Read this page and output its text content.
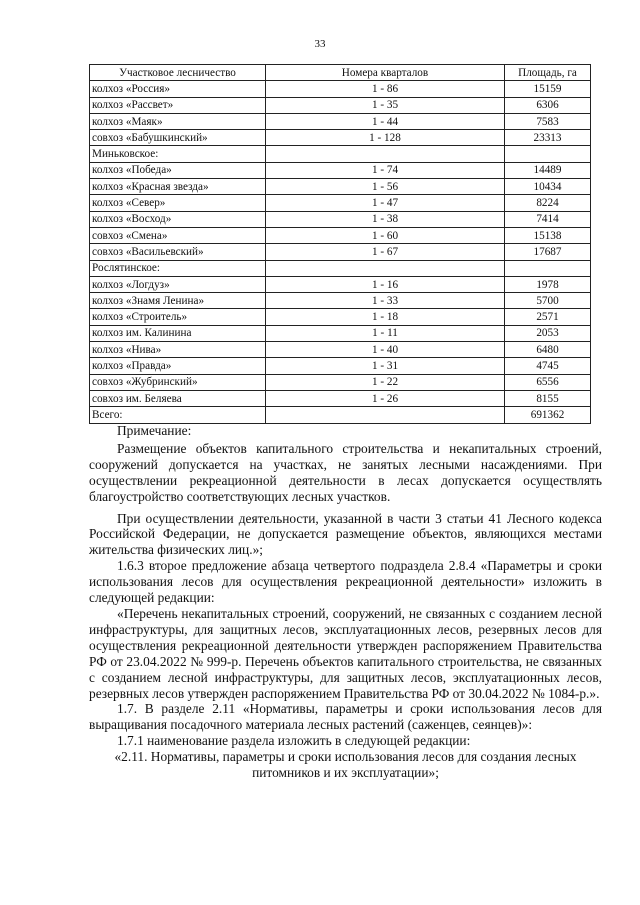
33
Участковое лесничество	Номера кварталов	Площадь, га
колхоз «Россия»	1 - 86	15159
колхоз «Рассвет»	1 - 35	6306
колхоз «Маяк»	1 - 44	7583
совхоз «Бабушкинский»	1 - 128	23313
Миньковское:		
колхоз «Победа»	1 - 74	14489
колхоз «Красная звезда»	1 - 56	10434
колхоз «Север»	1 - 47	8224
колхоз «Восход»	1 - 38	7414
совхоз «Смена»	1 - 60	15138
совхоз «Васильевский»	1 - 67	17687
Рослятинское:		
колхоз «Логдуз»	1 - 16	1978
колхоз «Знамя Ленина»	1 - 33	5700
колхоз «Строитель»	1 - 18	2571
колхоз им. Калинина	1 - 11	2053
колхоз «Нива»	1 - 40	6480
колхоз «Правда»	1 - 31	4745
совхоз «Жубринский»	1 - 22	6556
совхоз им. Беляева	1 - 26	8155
Всего:		691362

Примечание:

Размещение объектов капитального строительства и некапитальных строений, сооружений допускается на участках, не занятых лесными насаждениями. При осуществлении рекреационной деятельности в лесах допускается осуществлять благоустройство соответствующих лесных участков.

При осуществлении деятельности, указанной в части 3 статьи 41 Лесного кодекса Российской Федерации, не допускается размещение объектов, являющихся местами жительства физических лиц.»;

1.6.3 второе предложение абзаца четвертого подраздела 2.8.4 «Параметры и сроки использования лесов для осуществления рекреационной деятельности» изложить в следующей редакции:

«Перечень некапитальных строений, сооружений, не связанных с созданием лесной инфраструктуры, для защитных лесов, эксплуатационных лесов, резервных лесов для осуществления рекреационной деятельности утвержден распоряжением Правительства РФ от 23.04.2022 № 999-р. Перечень объектов капитального строительства, не связанных с созданием лесной инфраструктуры, для защитных лесов, эксплуатационных лесов, резервных лесов утвержден распоряжением Правительства РФ от 30.04.2022 № 1084-р.».

1.7. В разделе 2.11 «Нормативы, параметры и сроки использования лесов для выращивания посадочного материала лесных растений (саженцев, сеянцев)»:

1.7.1 наименование раздела изложить в следующей редакции:

«2.11. Нормативы, параметры и сроки использования лесов для создания лесных питомников и их эксплуатации»;
